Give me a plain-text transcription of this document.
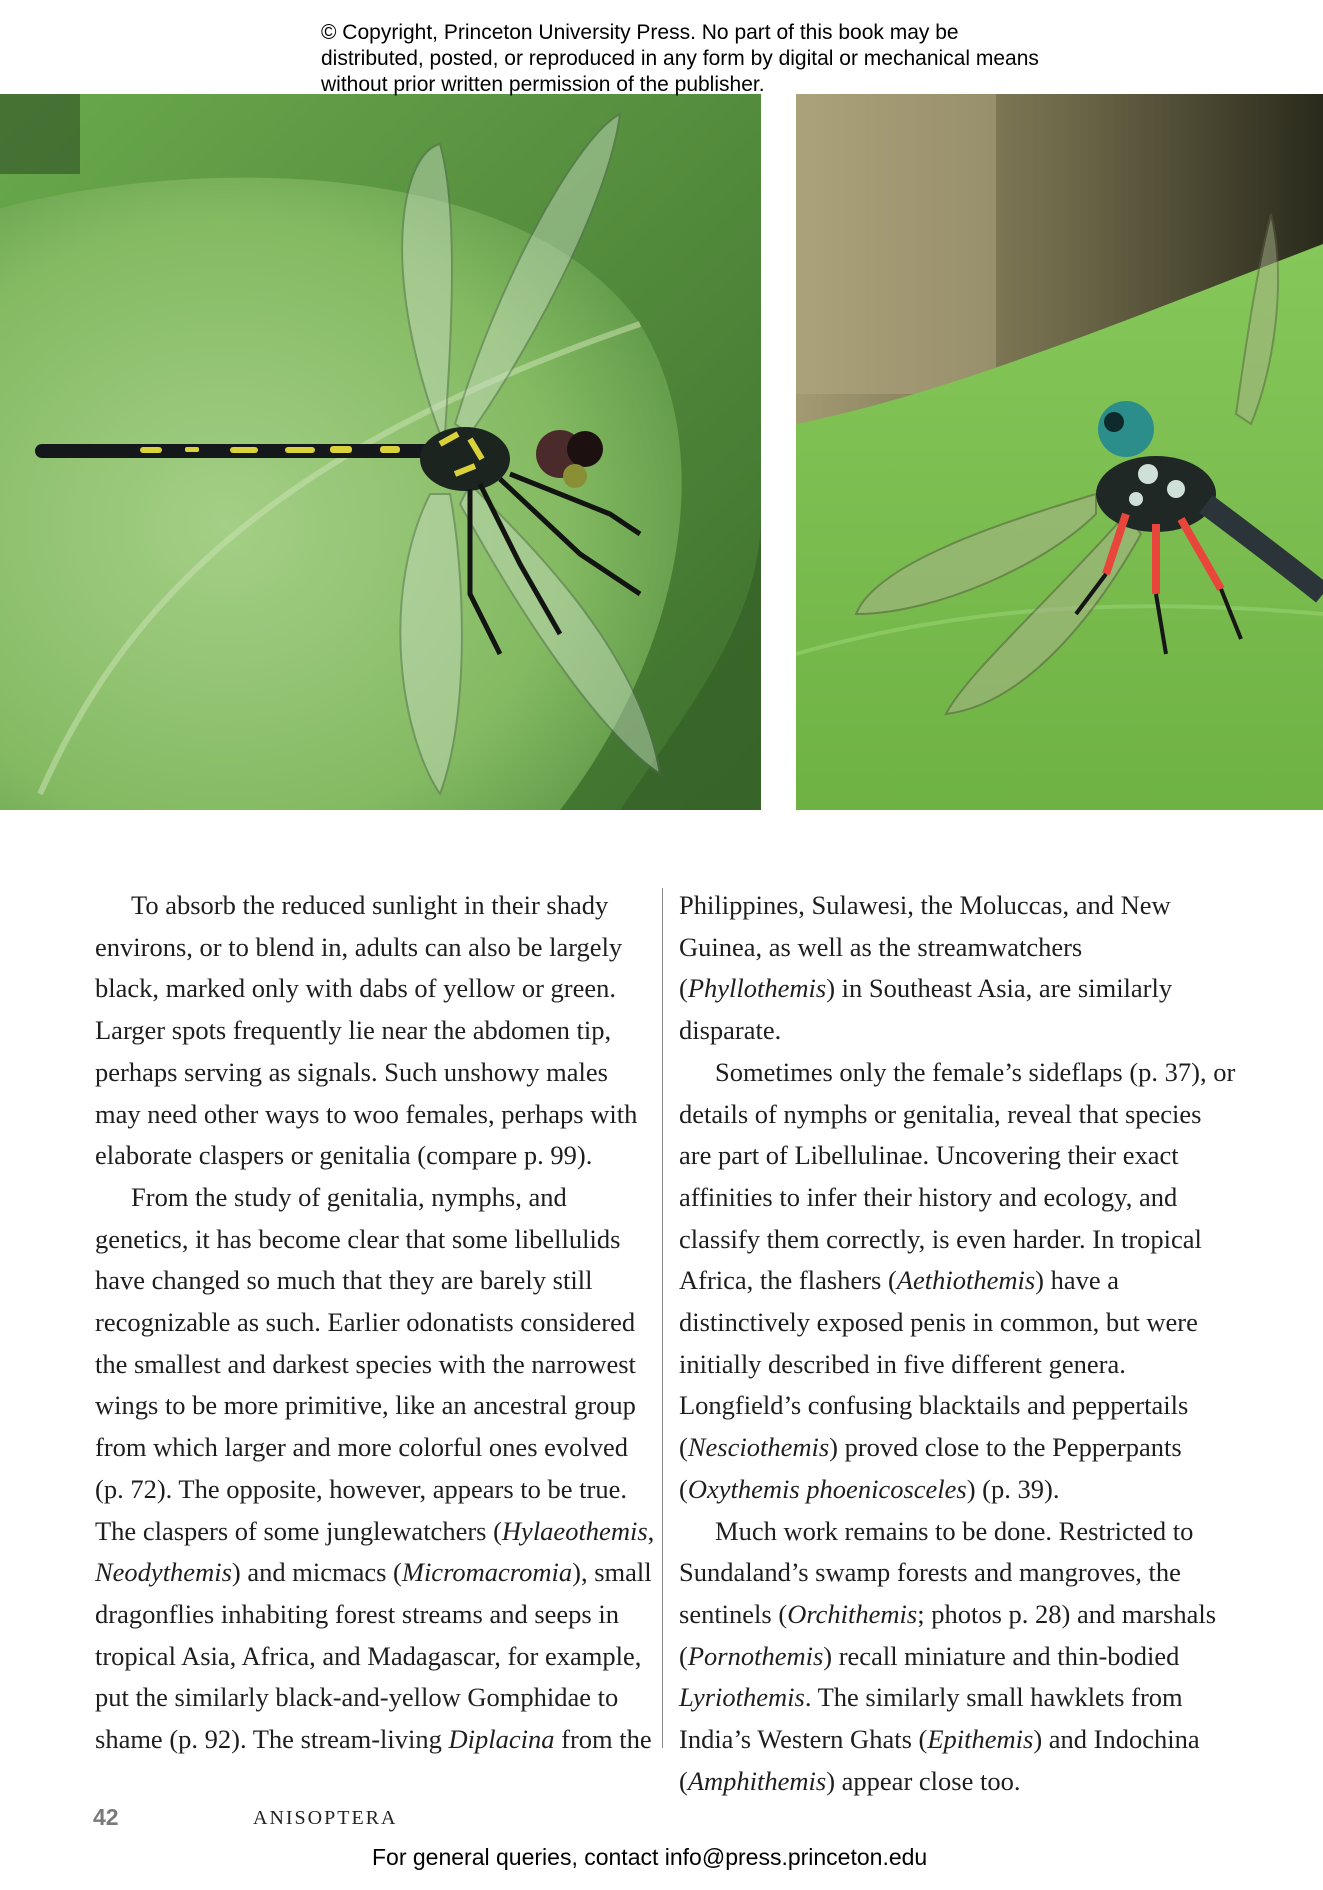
© Copyright, Princeton University Press. No part of this book may be distributed, posted, or reproduced in any form by digital or mechanical means without prior written permission of the publisher.

To absorb the reduced sunlight in their shady environs, or to blend in, adults can also be largely black, marked only with dabs of yellow or green. Larger spots frequently lie near the abdomen tip, perhaps serving as signals. Such unshowy males may need other ways to woo females, perhaps with elaborate claspers or genitalia (compare p. 99).

From the study of genitalia, nymphs, and genetics, it has become clear that some libellulids have changed so much that they are barely still recognizable as such. Earlier odonatists considered the smallest and darkest species with the narrowest wings to be more primitive, like an ancestral group from which larger and more colorful ones evolved (p. 72). The opposite, however, appears to be true. The claspers of some junglewatchers (Hylaeothemis, Neodythemis) and micmacs (Micromacromia), small dragonflies inhabiting forest streams and seeps in tropical Asia, Africa, and Madagascar, for example, put the similarly black-and-yellow Gomphidae to shame (p. 92). The stream-living Diplacina from the

Philippines, Sulawesi, the Moluccas, and New Guinea, as well as the streamwatchers (Phyllothemis) in Southeast Asia, are similarly disparate.

Sometimes only the female’s sideflaps (p. 37), or details of nymphs or genitalia, reveal that species are part of Libellulinae. Uncovering their exact affinities to infer their history and ecology, and classify them correctly, is even harder. In tropical Africa, the flashers (Aethiothemis) have a distinctively exposed penis in common, but were initially described in five different genera. Longfield’s confusing blacktails and peppertails (Nesciothemis) proved close to the Pepperpants (Oxythemis phoenicosceles) (p. 39).

Much work remains to be done. Restricted to Sundaland’s swamp forests and mangroves, the sentinels (Orchithemis; photos p. 28) and marshals (Pornothemis) recall miniature and thin-bodied Lyriothemis. The similarly small hawklets from India’s Western Ghats (Epithemis) and Indochina (Amphithemis) appear close too.

42	ANISOPTERA
For general queries, contact info@press.princeton.edu
